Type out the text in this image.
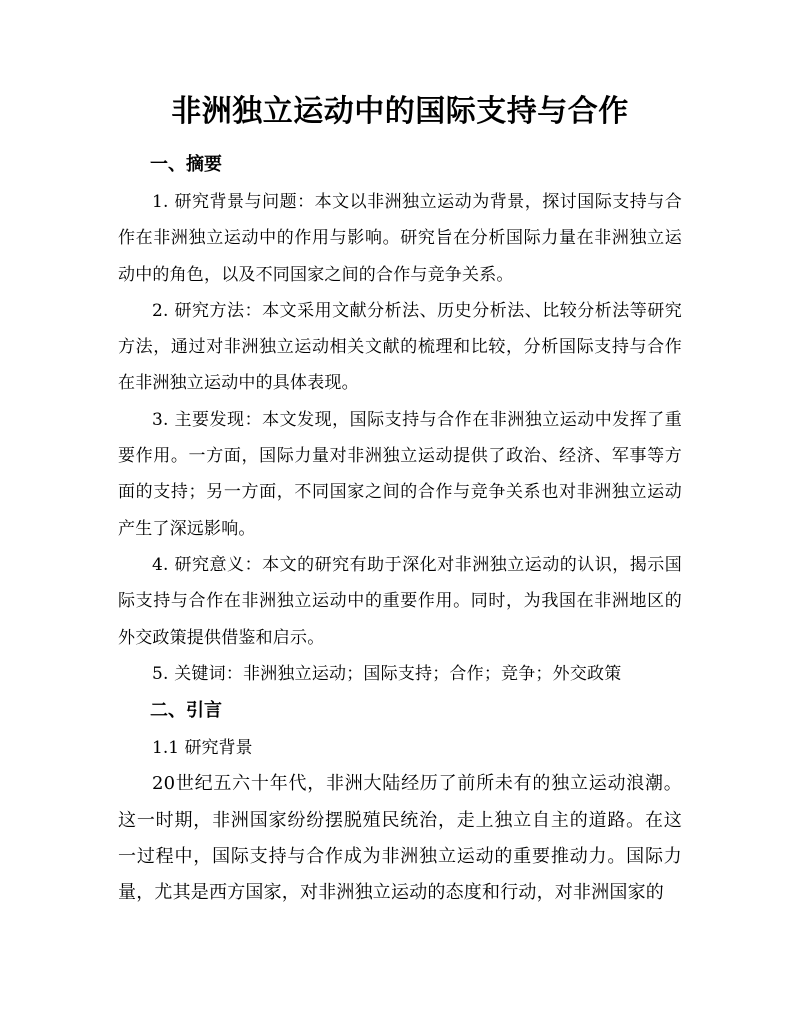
非洲独立运动中的国际支持与合作
一、摘要

1. 研究背景与问题：本文以非洲独立运动为背景，探讨国际支持与合作在非洲独立运动中的作用与影响。研究旨在分析国际力量在非洲独立运动中的角色，以及不同国家之间的合作与竞争关系。

2. 研究方法：本文采用文献分析法、历史分析法、比较分析法等研究方法，通过对非洲独立运动相关文献的梳理和比较，分析国际支持与合作在非洲独立运动中的具体表现。

3. 主要发现：本文发现，国际支持与合作在非洲独立运动中发挥了重要作用。一方面，国际力量对非洲独立运动提供了政治、经济、军事等方面的支持；另一方面，不同国家之间的合作与竞争关系也对非洲独立运动产生了深远影响。

4. 研究意义：本文的研究有助于深化对非洲独立运动的认识，揭示国际支持与合作在非洲独立运动中的重要作用。同时，为我国在非洲地区的外交政策提供借鉴和启示。

5. 关键词：非洲独立运动；国际支持；合作；竞争；外交政策

二、引言

1.1 研究背景

20世纪五六十年代，非洲大陆经历了前所未有的独立运动浪潮。这一时期，非洲国家纷纷摆脱殖民统治，走上独立自主的道路。在这一过程中，国际支持与合作成为非洲独立运动的重要推动力。国际力量，尤其是西方国家，对非洲独立运动的态度和行动，对非洲国家的
